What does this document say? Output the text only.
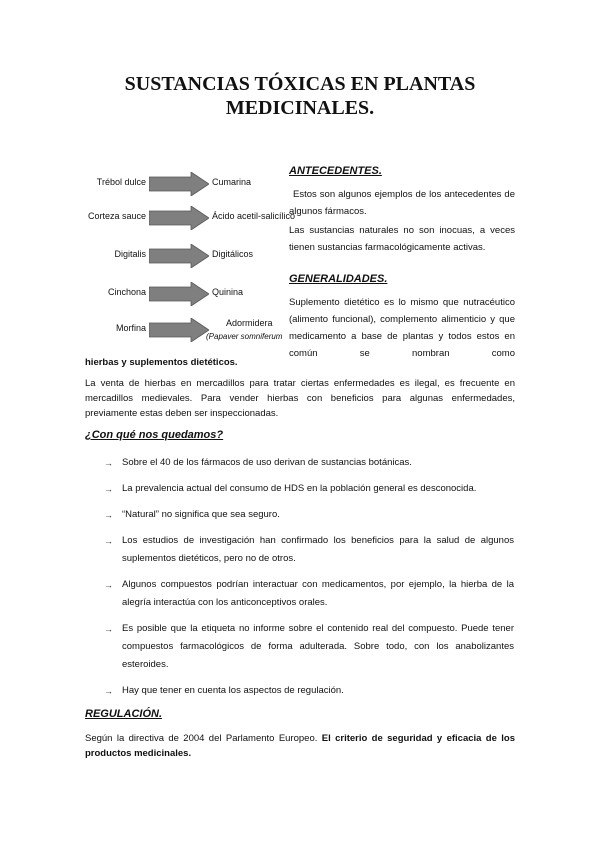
SUSTANCIAS TÓXICAS EN PLANTAS
MEDICINALES.
Trébol dulce	Cumarina
Corteza sauce	Ácido acetil-salicílico
Digitalis	Digitálicos
Cinchona	Quinina
Morfina	Adormidera
(Papaver somniferum

ANTECEDENTES.

Estos son algunos ejemplos de los antecedentes de algunos fármacos.

Las sustancias naturales no son inocuas, a veces tienen sustancias farmacológicamente activas.

GENERALIDADES.

Suplemento dietético es lo mismo que nutracéutico (alimento funcional), complemento alimenticio y que medicamento a base de plantas y todos estos en común se nombran como

hierbas y suplementos dietéticos.

La venta de hierbas en mercadillos para tratar ciertas enfermedades es ilegal, es frecuente en mercadillos medievales. Para vender hierbas con beneficios para algunas enfermedades, previamente estas deben ser inspeccionadas.

¿Con qué nos quedamos?

→ Sobre el 40 de los fármacos de uso derivan de sustancias botánicas.
→ La prevalencia actual del consumo de HDS en la población general es desconocida.
→ “Natural” no significa que sea seguro.
→ Los estudios de investigación han confirmado los beneficios para la salud de algunos suplementos dietéticos, pero no de otros.
→ Algunos compuestos podrían interactuar con medicamentos, por ejemplo, la hierba de la alegría interactúa con los anticonceptivos orales.
→ Es posible que la etiqueta no informe sobre el contenido real del compuesto. Puede tener compuestos farmacológicos de forma adulterada. Sobre todo, con los anabolizantes esteroides.
→ Hay que tener en cuenta los aspectos de regulación.

REGULACIÓN.

Según la directiva de 2004 del Parlamento Europeo. El criterio de seguridad y eficacia de los productos medicinales.
